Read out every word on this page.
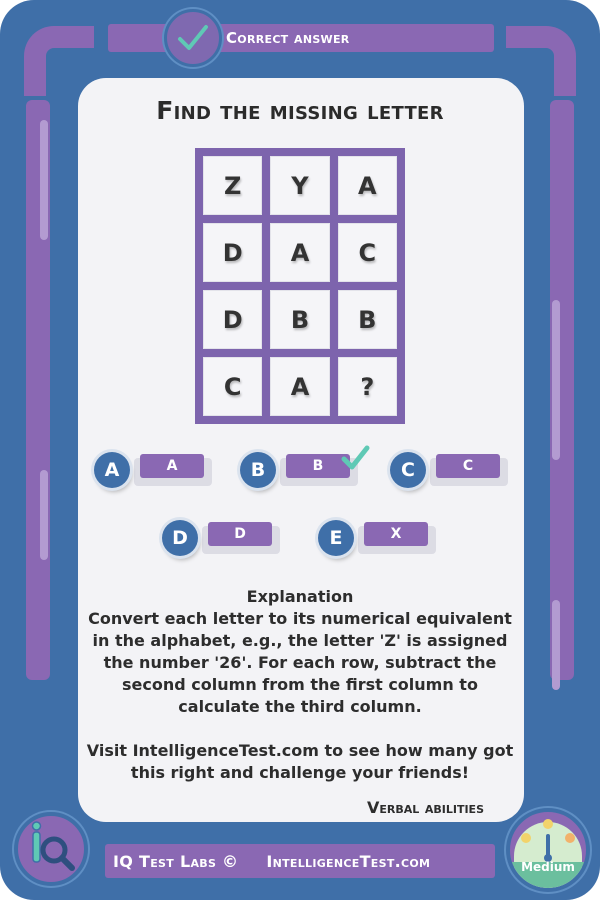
Correct answer
Find the missing letter
Z	Y	A
D	A	C
D	B	B
C	A	?
A
A	B
B	C
C
D
D	X
E
Explanation
Convert each letter to its numerical equivalent in the alphabet, e.g., the letter 'Z' is assigned the number '26'. For each row, subtract the second column from the first column to calculate the third column.
Visit IntelligenceTest.com to see how many got this right and challenge your friends!
Verbal abilities
IQ Test Labs © IntelligenceTest.com	Medium
